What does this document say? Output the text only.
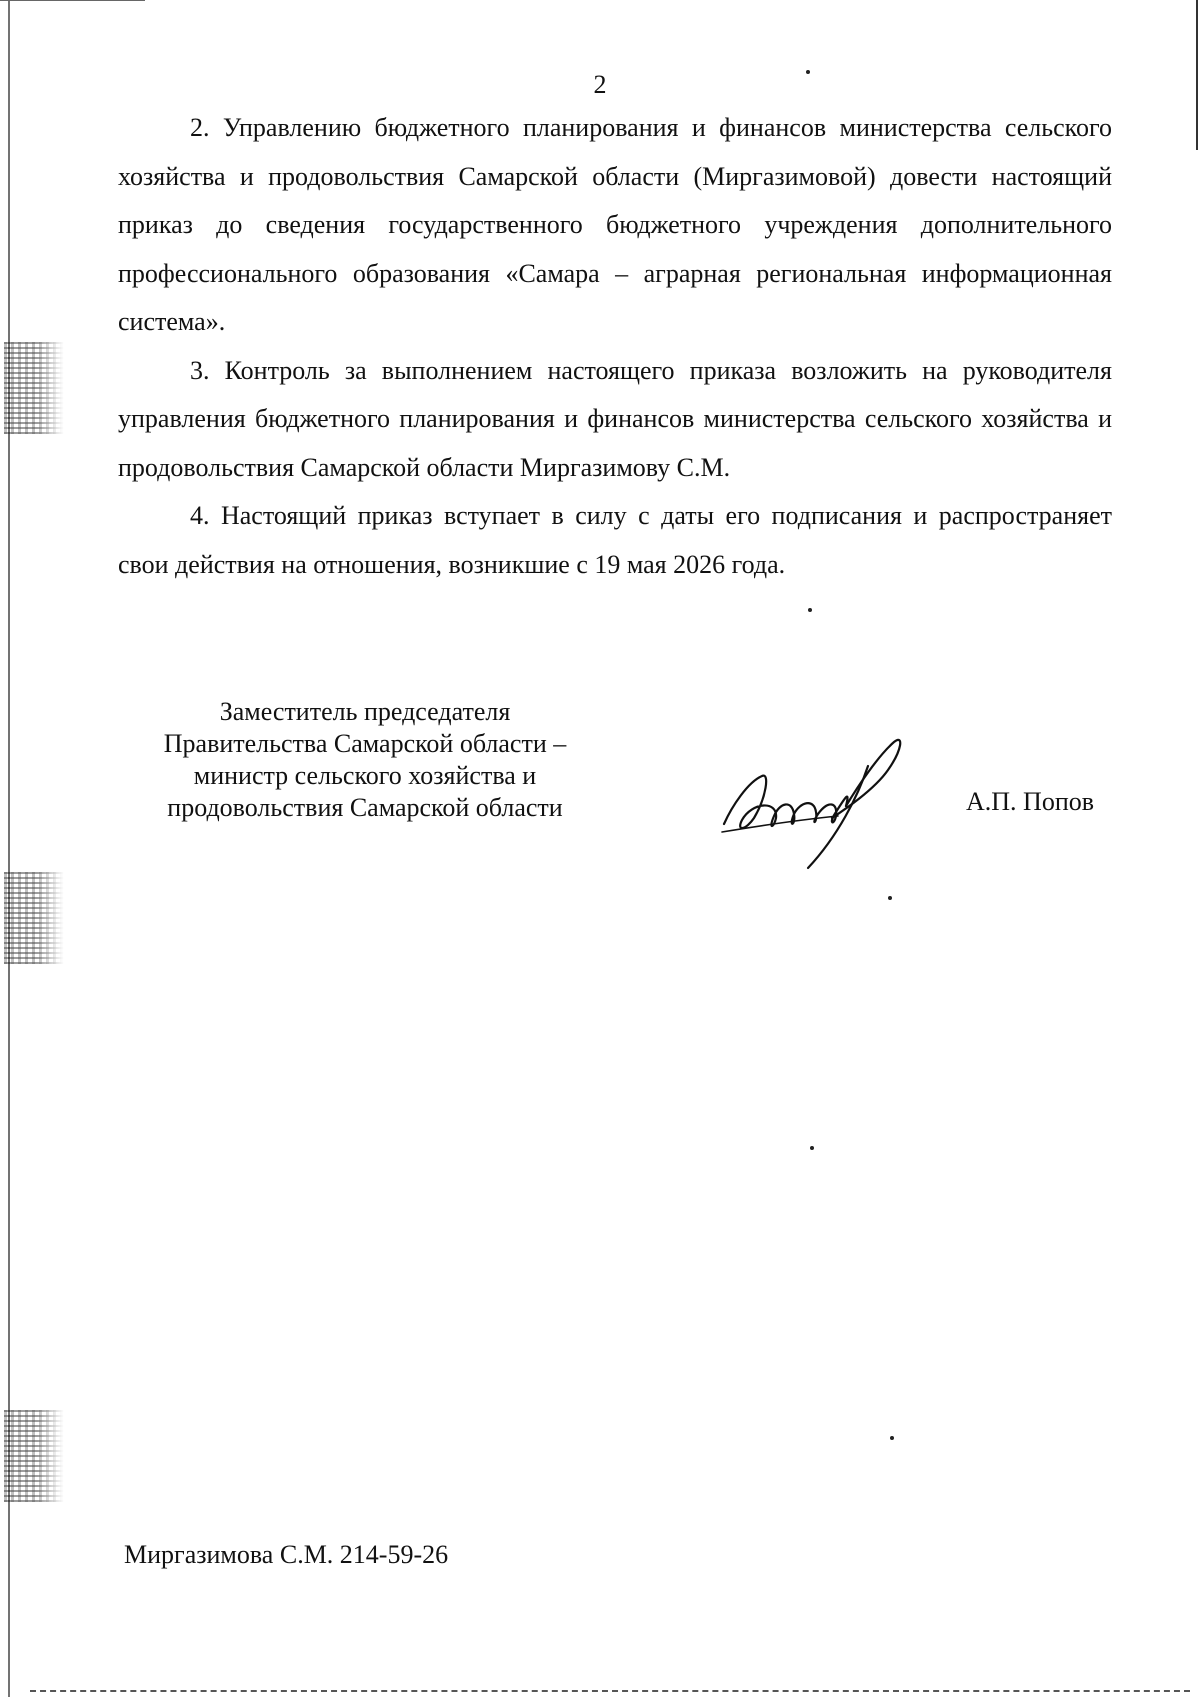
2

2. Управлению бюджетного планирования и финансов министерства сельского хозяйства и продовольствия Самарской области (Миргазимовой) довести настоящий приказ до сведения государственного бюджетного учреждения дополнительного профессионального образования «Самара – аграрная региональная информационная система».

3. Контроль за выполнением настоящего приказа возложить на руководителя управления бюджетного планирования и финансов министерства сельского хозяйства и продовольствия Самарской области Миргазимову С.М.

4. Настоящий приказ вступает в силу с даты его подписания и распространяет свои действия на отношения, возникшие с 19 мая 2026 года.

Заместитель председателя
Правительства Самарской области –
министр сельского хозяйства и
продовольствия Самарской области	А.П. Попов
Миргазимова С.М. 214-59-26
